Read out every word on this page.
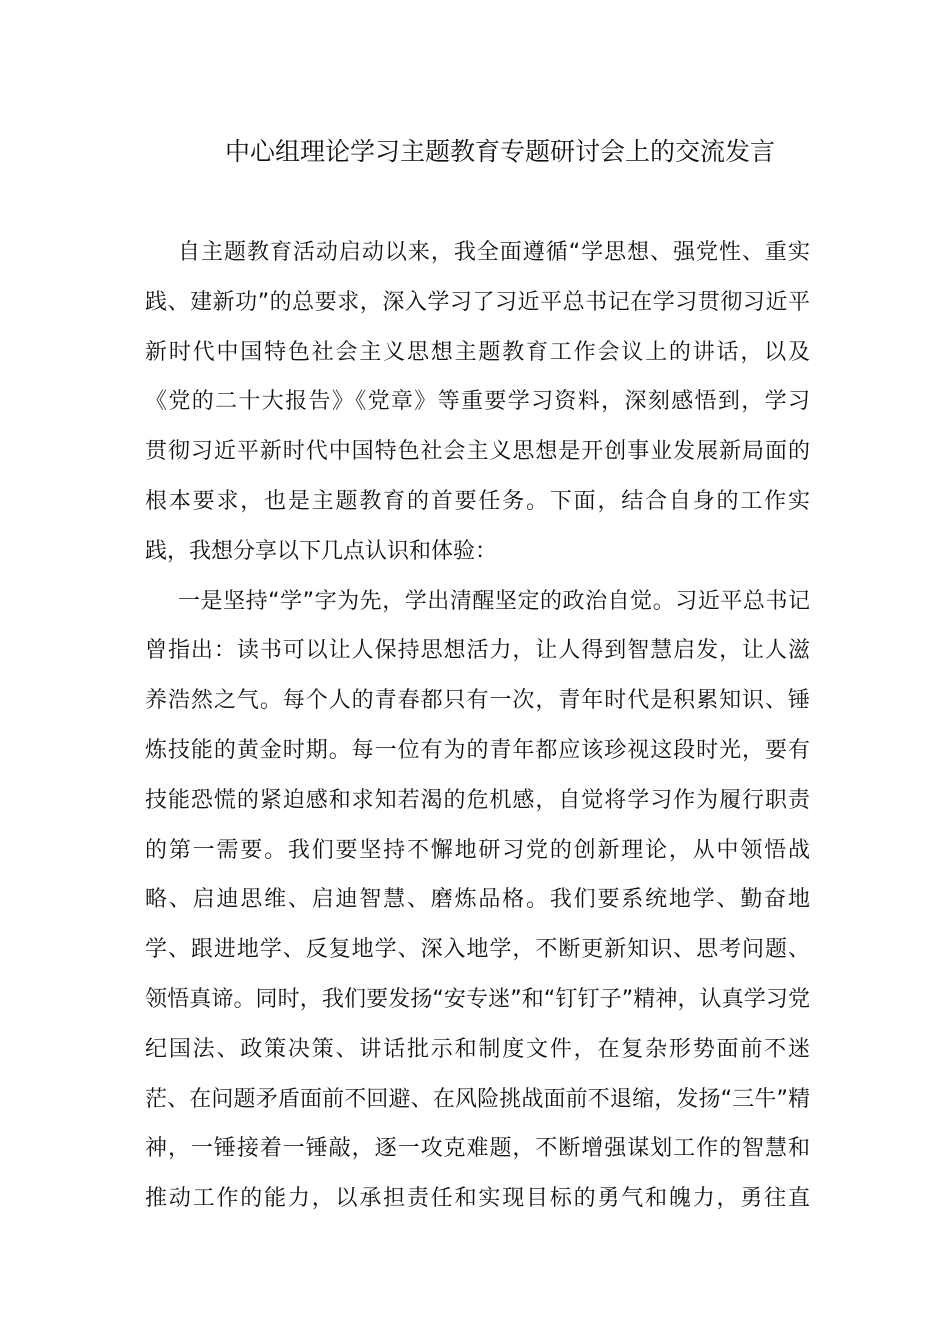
中心组理论学习主题教育专题研讨会上的交流发言
自主题教育活动启动以来，我全面遵循“学思想、强党性、重实
践、建新功”的总要求，深入学习了习近平总书记在学习贯彻习近平
新时代中国特色社会主义思想主题教育工作会议上的讲话，以及
《党的二十大报告》《党章》等重要学习资料，深刻感悟到，学习
贯彻习近平新时代中国特色社会主义思想是开创事业发展新局面的
根本要求，也是主题教育的首要任务。下面，结合自身的工作实
践，我想分享以下几点认识和体验：
一是坚持“学”字为先，学出清醒坚定的政治自觉。习近平总书记
曾指出：读书可以让人保持思想活力，让人得到智慧启发，让人滋
养浩然之气。每个人的青春都只有一次，青年时代是积累知识、锤
炼技能的黄金时期。每一位有为的青年都应该珍视这段时光，要有
技能恐慌的紧迫感和求知若渴的危机感，自觉将学习作为履行职责
的第一需要。我们要坚持不懈地研习党的创新理论，从中领悟战
略、启迪思维、启迪智慧、磨炼品格。我们要系统地学、勤奋地
学、跟进地学、反复地学、深入地学，不断更新知识、思考问题、
领悟真谛。同时，我们要发扬“安专迷”和“钉钉子”精神，认真学习党
纪国法、政策决策、讲话批示和制度文件，在复杂形势面前不迷
茫、在问题矛盾面前不回避、在风险挑战面前不退缩，发扬“三牛”精
神，一锤接着一锤敲，逐一攻克难题，不断增强谋划工作的智慧和
推动工作的能力，以承担责任和实现目标的勇气和魄力，勇往直
